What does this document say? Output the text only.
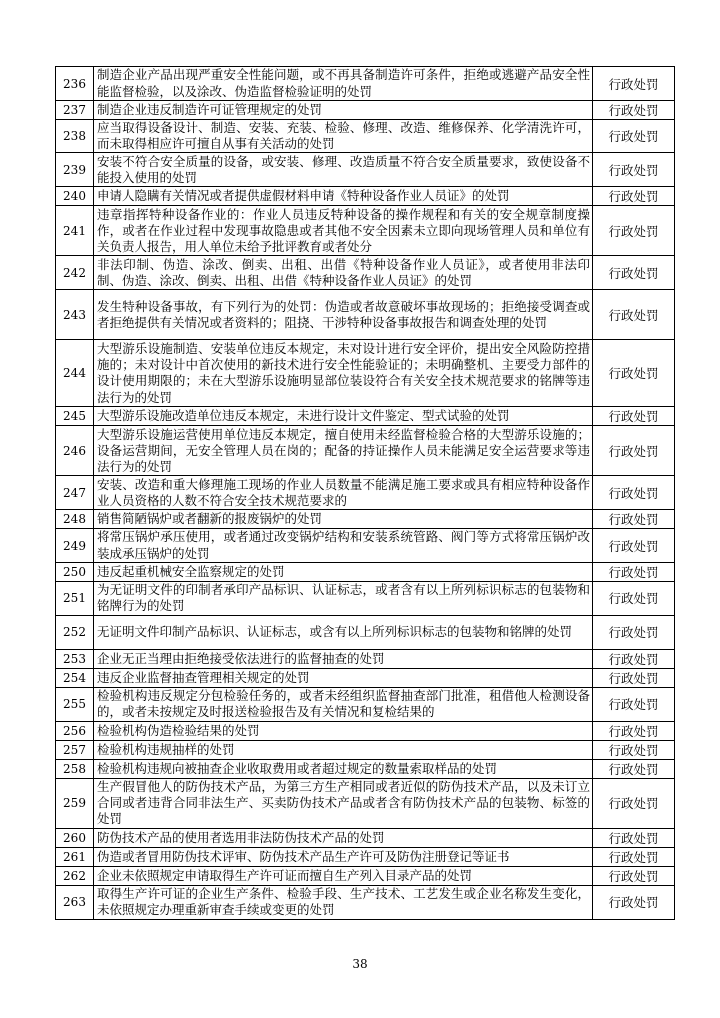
236	制造企业产品出现严重安全性能问题，或不再具备制造许可条件，拒绝或逃避产品安全性能监督检验，以及涂改、伪造监督检验证明的处罚	行政处罚
237	制造企业违反制造许可证管理规定的处罚	行政处罚
238	应当取得设备设计、制造、安装、充装、检验、修理、改造、维修保养、化学清洗许可，而未取得相应许可擅自从事有关活动的处罚	行政处罚
239	安装不符合安全质量的设备，或安装、修理、改造质量不符合安全质量要求，致使设备不能投入使用的处罚	行政处罚
240	申请人隐瞒有关情况或者提供虚假材料申请《特种设备作业人员证》的处罚	行政处罚
241	违章指挥特种设备作业的：作业人员违反特种设备的操作规程和有关的安全规章制度操作，或者在作业过程中发现事故隐患或者其他不安全因素未立即向现场管理人员和单位有关负责人报告，用人单位未给予批评教育或者处分	行政处罚
242	非法印制、伪造、涂改、倒卖、出租、出借《特种设备作业人员证》，或者使用非法印制、伪造、涂改、倒卖、出租、出借《特种设备作业人员证》的处罚	行政处罚
243	发生特种设备事故，有下列行为的处罚：伪造或者故意破坏事故现场的；拒绝接受调查或者拒绝提供有关情况或者资料的；阻挠、干涉特种设备事故报告和调查处理的处罚	行政处罚
244	大型游乐设施制造、安装单位违反本规定，未对设计进行安全评价，提出安全风险防控措施的；未对设计中首次使用的新技术进行安全性能验证的；未明确整机、主要受力部件的设计使用期限的；未在大型游乐设施明显部位装设符合有关安全技术规范要求的铭牌等违法行为的处罚	行政处罚
245	大型游乐设施改造单位违反本规定，未进行设计文件鉴定、型式试验的处罚	行政处罚
246	大型游乐设施运营使用单位违反本规定，擅自使用未经监督检验合格的大型游乐设施的；设备运营期间，无安全管理人员在岗的；配备的持证操作人员未能满足安全运营要求等违法行为的处罚	行政处罚
247	安装、改造和重大修理施工现场的作业人员数量不能满足施工要求或具有相应特种设备作业人员资格的人数不符合安全技术规范要求的	行政处罚
248	销售简陋锅炉或者翻新的报废锅炉的处罚	行政处罚
249	将常压锅炉承压使用，或者通过改变锅炉结构和安装系统管路、阀门等方式将常压锅炉改装成承压锅炉的处罚	行政处罚
250	违反起重机械安全监察规定的处罚	行政处罚
251	为无证明文件的印制者承印产品标识、认证标志，或者含有以上所列标识标志的包装物和铭牌行为的处罚	行政处罚
252	无证明文件印制产品标识、认证标志，或含有以上所列标识标志的包装物和铭牌的处罚	行政处罚
253	企业无正当理由拒绝接受依法进行的监督抽查的处罚	行政处罚
254	违反企业监督抽查管理相关规定的处罚	行政处罚
255	检验机构违反规定分包检验任务的，或者未经组织监督抽查部门批准，租借他人检测设备的，或者未按规定及时报送检验报告及有关情况和复检结果的	行政处罚
256	检验机构伪造检验结果的处罚	行政处罚
257	检验机构违规抽样的处罚	行政处罚
258	检验机构违规向被抽查企业收取费用或者超过规定的数量索取样品的处罚	行政处罚
259	生产假冒他人的防伪技术产品，为第三方生产相同或者近似的防伪技术产品，以及未订立合同或者违背合同非法生产、买卖防伪技术产品或者含有防伪技术产品的包装物、标签的处罚	行政处罚
260	防伪技术产品的使用者选用非法防伪技术产品的处罚	行政处罚
261	伪造或者冒用防伪技术评审、防伪技术产品生产许可及防伪注册登记等证书	行政处罚
262	企业未依照规定申请取得生产许可证而擅自生产列入目录产品的处罚	行政处罚
263	取得生产许可证的企业生产条件、检验手段、生产技术、工艺发生或企业名称发生变化，未依照规定办理重新审查手续或变更的处罚	行政处罚
38
